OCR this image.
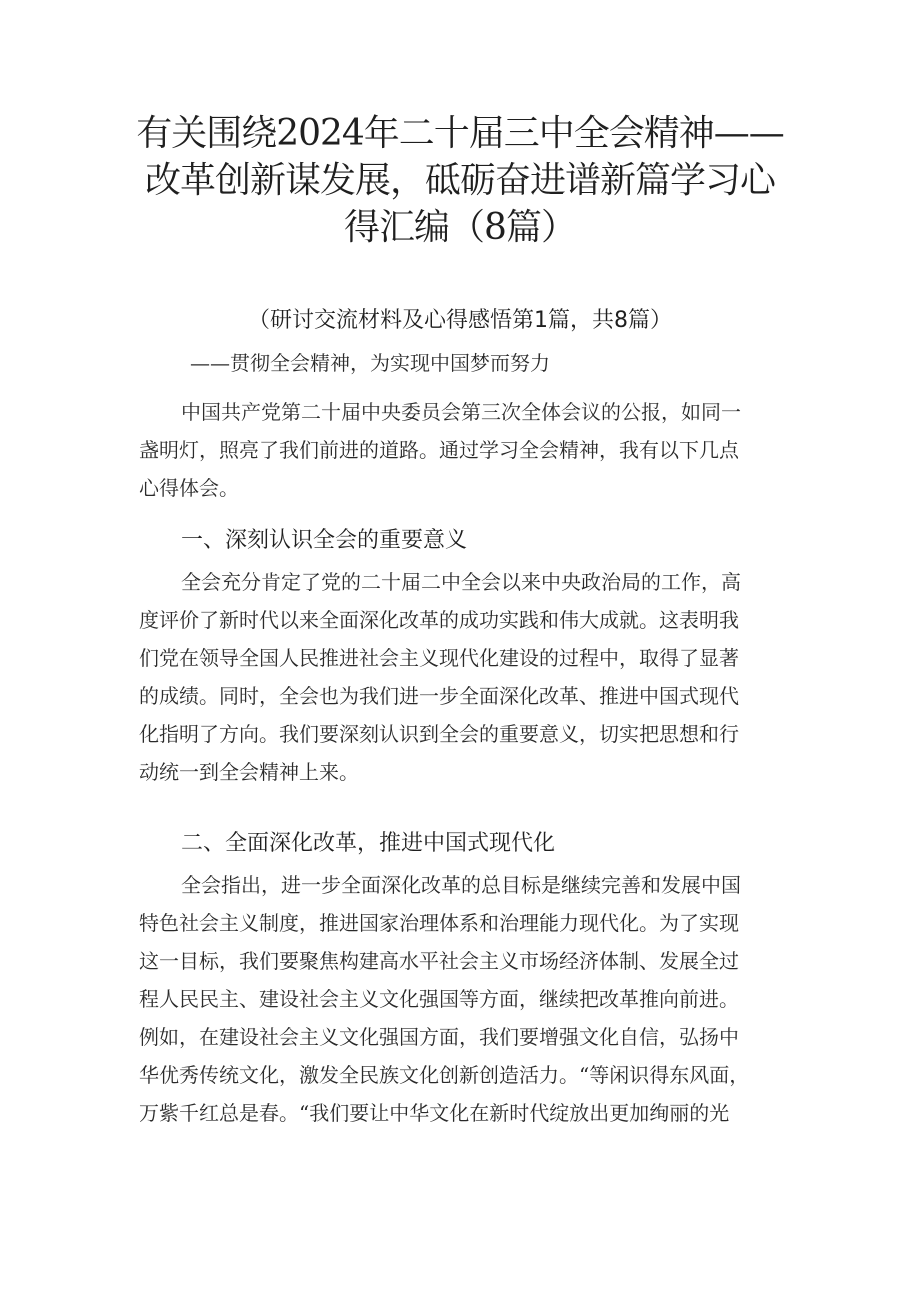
有关围绕2024年二十届三中全会精神——
改革创新谋发展，砥砺奋进谱新篇学习心
得汇编（8篇）
（研讨交流材料及心得感悟第1篇，共8篇）
——贯彻全会精神，为实现中国梦而努力

中国共产党第二十届中央委员会第三次全体会议的公报，如同一
盏明灯，照亮了我们前进的道路。通过学习全会精神，我有以下几点
心得体会。

一、深刻认识全会的重要意义

全会充分肯定了党的二十届二中全会以来中央政治局的工作，高
度评价了新时代以来全面深化改革的成功实践和伟大成就。这表明我
们党在领导全国人民推进社会主义现代化建设的过程中，取得了显著
的成绩。同时，全会也为我们进一步全面深化改革、推进中国式现代
化指明了方向。我们要深刻认识到全会的重要意义，切实把思想和行
动统一到全会精神上来。

二、全面深化改革，推进中国式现代化

全会指出，进一步全面深化改革的总目标是继续完善和发展中国
特色社会主义制度，推进国家治理体系和治理能力现代化。为了实现
这一目标，我们要聚焦构建高水平社会主义市场经济体制、发展全过
程人民民主、建设社会主义文化强国等方面，继续把改革推向前进。
例如，在建设社会主义文化强国方面，我们要增强文化自信，弘扬中
华优秀传统文化，激发全民族文化创新创造活力。“等闲识得东风面，
万紫千红总是春。“我们要让中华文化在新时代绽放出更加绚丽的光
